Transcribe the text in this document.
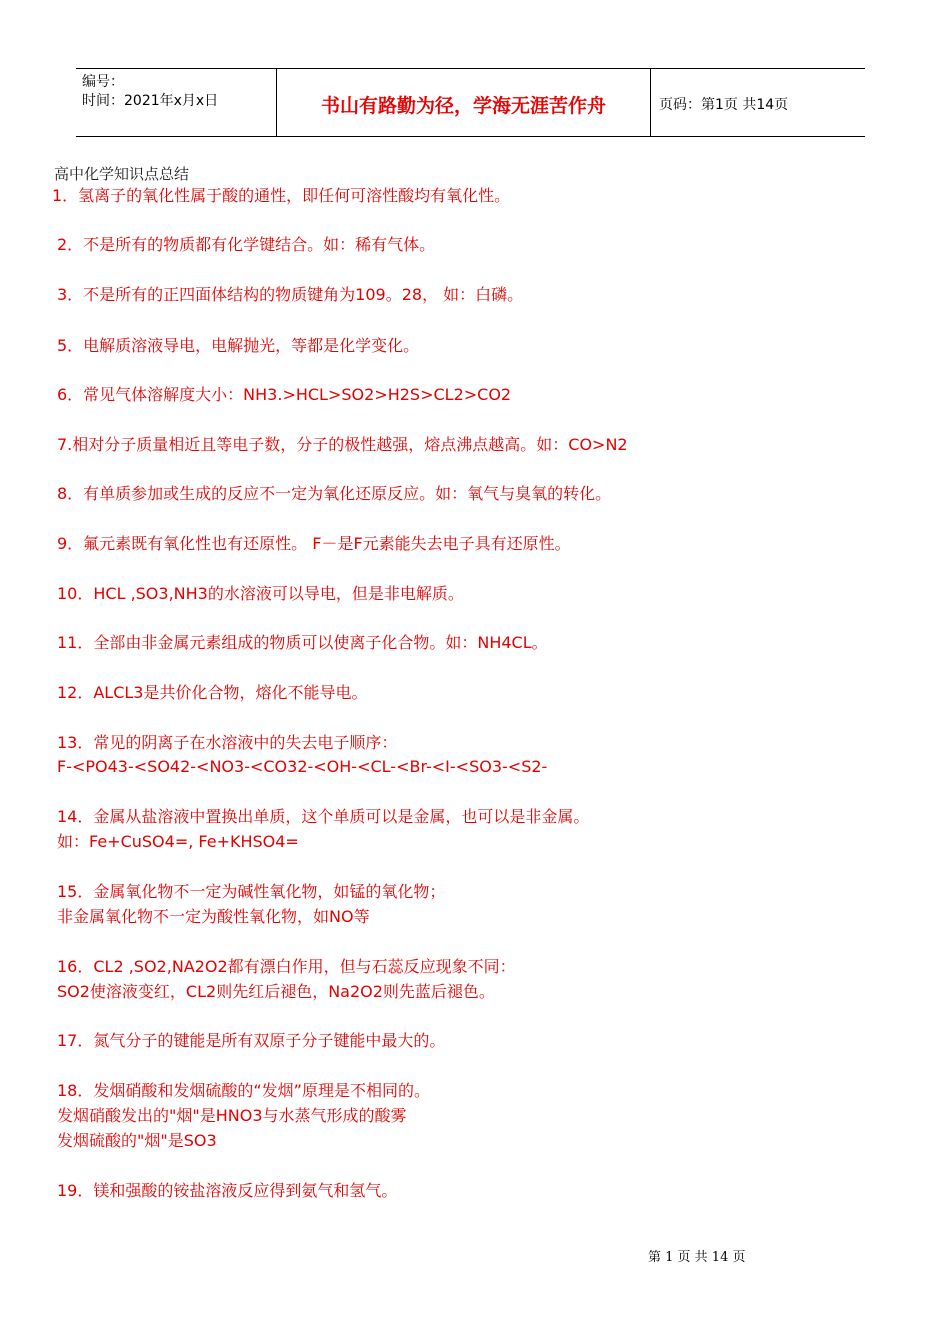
编号：
时间：2021年x月x日	书山有路勤为径，学海无涯苦作舟	页码：第1页 共14页
高中化学知识点总结
1．氢离子的氧化性属于酸的通性，即任何可溶性酸均有氧化性。
2．不是所有的物质都有化学键结合。如：稀有气体。
3．不是所有的正四面体结构的物质键角为109。28， 如：白磷。
5．电解质溶液导电，电解抛光，等都是化学变化。
6．常见气体溶解度大小：NH3.>HCL>SO2>H2S>CL2>CO2
7.相对分子质量相近且等电子数，分子的极性越强，熔点沸点越高。如：CO>N2
8．有单质参加或生成的反应不一定为氧化还原反应。如：氧气与臭氧的转化。
9．氟元素既有氧化性也有还原性。 F－是F元素能失去电子具有还原性。
10．HCL ,SO3,NH3的水溶液可以导电，但是非电解质。
11．全部由非金属元素组成的物质可以使离子化合物。如：NH4CL。
12．ALCL3是共价化合物，熔化不能导电。
13．常见的阴离子在水溶液中的失去电子顺序：
F-<PO43-<SO42-<NO3-<CO32-<OH-<CL-<Br-<I-<SO3-<S2-
14．金属从盐溶液中置换出单质，这个单质可以是金属，也可以是非金属。
如：Fe+CuSO4=, Fe+KHSO4=
15．金属氧化物不一定为碱性氧化物，如锰的氧化物；
非金属氧化物不一定为酸性氧化物，如NO等
16．CL2 ,SO2,NA2O2都有漂白作用，但与石蕊反应现象不同：
SO2使溶液变红，CL2则先红后褪色，Na2O2则先蓝后褪色。
17．氮气分子的键能是所有双原子分子键能中最大的。
18．发烟硝酸和发烟硫酸的“发烟”原理是不相同的。
发烟硝酸发出的"烟"是HNO3与水蒸气形成的酸雾
发烟硫酸的"烟"是SO3
19．镁和强酸的铵盐溶液反应得到氨气和氢气。
第 1 页 共 14 页
